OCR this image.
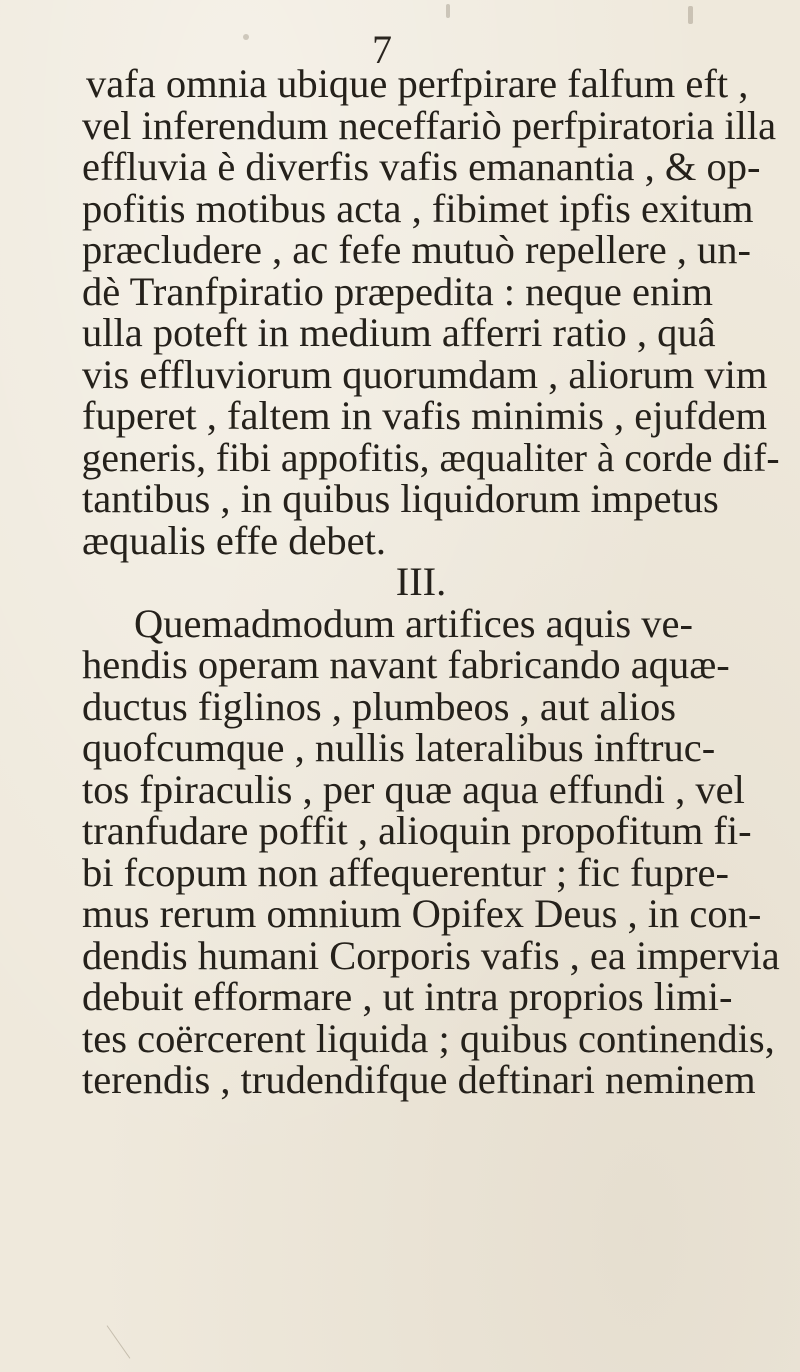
7
vafa omnia ubique perfpirare falfum eft ,
vel inferendum neceffariò perfpiratoria illa
effluvia è diverfis vafis emanantia , & op-
pofitis motibus acta , fibimet ipfis exitum
præcludere , ac fefe mutuò repellere , un-
dè Tranfpiratio præpedita : neque enim
ulla poteft in medium afferri ratio , quâ
vis effluviorum quorumdam , aliorum vim
fuperet , faltem in vafis minimis , ejufdem
generis, fibi appofitis, æqualiter à corde dif-
tantibus , in quibus liquidorum impetus
æqualis effe debet.
III.
Quemadmodum artifices aquis ve-
hendis operam navant fabricando aquæ-
ductus figlinos , plumbeos , aut alios
quofcumque , nullis lateralibus inftruc-
tos fpiraculis , per quæ aqua effundi , vel
tranfudare poffit , alioquin propofitum fi-
bi fcopum non affequerentur ; fic fupre-
mus rerum omnium Opifex Deus , in con-
dendis humani Corporis vafis , ea impervia
debuit efformare , ut intra proprios limi-
tes coërcerent liquida ; quibus continendis,
terendis , trudendifque deftinari neminem
